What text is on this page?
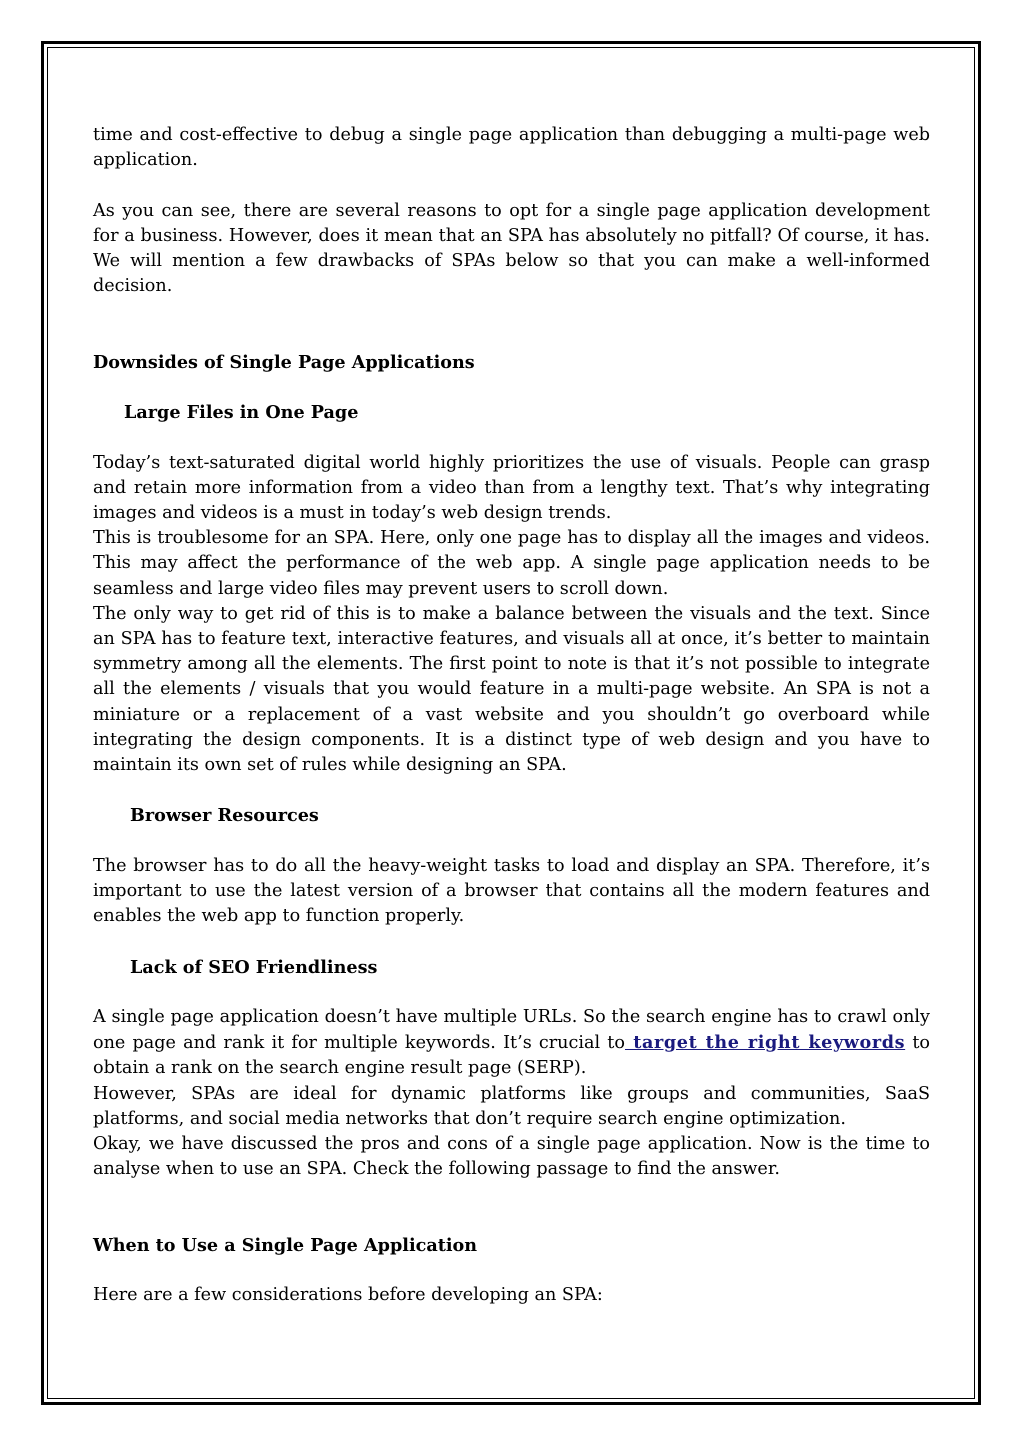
time and cost-effective to debug a single page application than debugging a multi-page web application.

As you can see, there are several reasons to opt for a single page application development for a business. However, does it mean that an SPA has absolutely no pitfall? Of course, it has. We will mention a few drawbacks of SPAs below so that you can make a well-informed decision.

Downsides of Single Page Applications

Large Files in One Page

Today’s text-saturated digital world highly prioritizes the use of visuals. People can grasp and retain more information from a video than from a lengthy text. That’s why integrating images and videos is a must in today’s web design trends.

This is troublesome for an SPA. Here, only one page has to display all the images and videos. This may affect the performance of the web app. A single page application needs to be seamless and large video files may prevent users to scroll down.

The only way to get rid of this is to make a balance between the visuals and the text. Since an SPA has to feature text, interactive features, and visuals all at once, it’s better to maintain symmetry among all the elements. The first point to note is that it’s not possible to integrate all the elements / visuals that you would feature in a multi-page website. An SPA is not a miniature or a replacement of a vast website and you shouldn’t go overboard while integrating the design components. It is a distinct type of web design and you have to maintain its own set of rules while designing an SPA.

Browser Resources

The browser has to do all the heavy-weight tasks to load and display an SPA. Therefore, it’s important to use the latest version of a browser that contains all the modern features and enables the web app to function properly.

Lack of SEO Friendliness

A single page application doesn’t have multiple URLs. So the search engine has to crawl only one page and rank it for multiple keywords. It’s crucial to target the right keywords to obtain a rank on the search engine result page (SERP).

However, SPAs are ideal for dynamic platforms like groups and communities, SaaS platforms, and social media networks that don’t require search engine optimization.

Okay, we have discussed the pros and cons of a single page application. Now is the time to analyse when to use an SPA. Check the following passage to find the answer.

When to Use a Single Page Application

Here are a few considerations before developing an SPA:
